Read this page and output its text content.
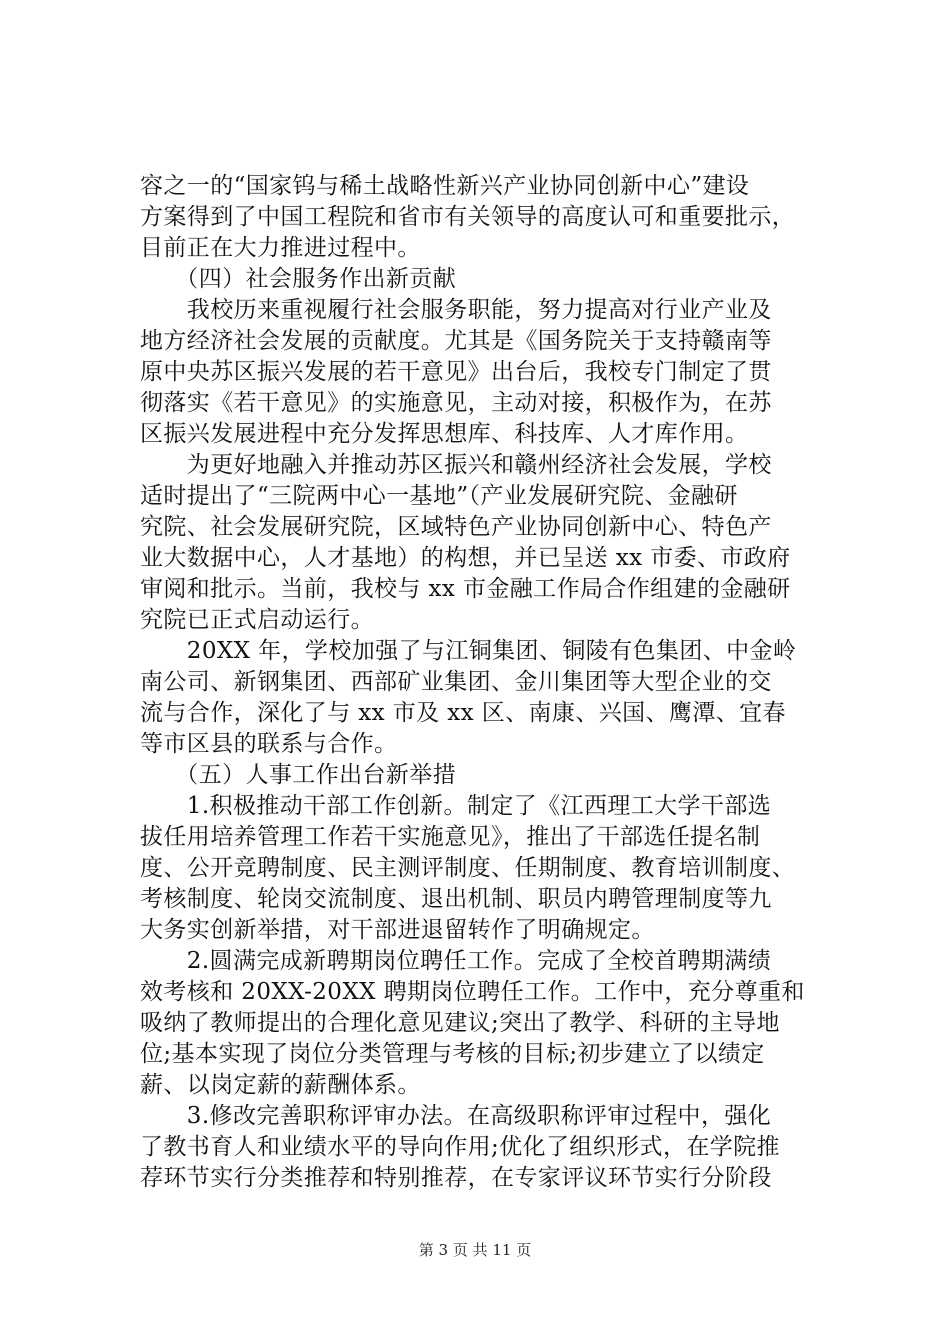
容之一的“国家钨与稀土战略性新兴产业协同创新中心”建设
方案得到了中国工程院和省市有关领导的高度认可和重要批示，
目前正在大力推进过程中。
　　（四）社会服务作出新贡献
　　我校历来重视履行社会服务职能，努力提高对行业产业及
地方经济社会发展的贡献度。尤其是《国务院关于支持赣南等
原中央苏区振兴发展的若干意见》出台后，我校专门制定了贯
彻落实《若干意见》的实施意见，主动对接，积极作为，在苏
区振兴发展进程中充分发挥思想库、科技库、人才库作用。
　　为更好地融入并推动苏区振兴和赣州经济社会发展，学校
适时提出了“三院两中心一基地”（产业发展研究院、金融研
究院、社会发展研究院，区域特色产业协同创新中心、特色产
业大数据中心，人才基地）的构想，并已呈送 xx 市委、市政府
审阅和批示。当前，我校与 xx 市金融工作局合作组建的金融研
究院已正式启动运行。
　　20XX 年，学校加强了与江铜集团、铜陵有色集团、中金岭
南公司、新钢集团、西部矿业集团、金川集团等大型企业的交
流与合作，深化了与 xx 市及 xx 区、南康、兴国、鹰潭、宜春
等市区县的联系与合作。
　　（五）人事工作出台新举措
　　1.积极推动干部工作创新。制定了《江西理工大学干部选
拔任用培养管理工作若干实施意见》，推出了干部选任提名制
度、公开竞聘制度、民主测评制度、任期制度、教育培训制度、
考核制度、轮岗交流制度、退出机制、职员内聘管理制度等九
大务实创新举措，对干部进退留转作了明确规定。
　　2.圆满完成新聘期岗位聘任工作。完成了全校首聘期满绩
效考核和 20XX-20XX 聘期岗位聘任工作。工作中，充分尊重和
吸纳了教师提出的合理化意见建议;突出了教学、科研的主导地
位;基本实现了岗位分类管理与考核的目标;初步建立了以绩定
薪、以岗定薪的薪酬体系。
　　3.修改完善职称评审办法。在高级职称评审过程中，强化
了教书育人和业绩水平的导向作用;优化了组织形式，在学院推
荐环节实行分类推荐和特别推荐，在专家评议环节实行分阶段
第 3 页 共 11 页
